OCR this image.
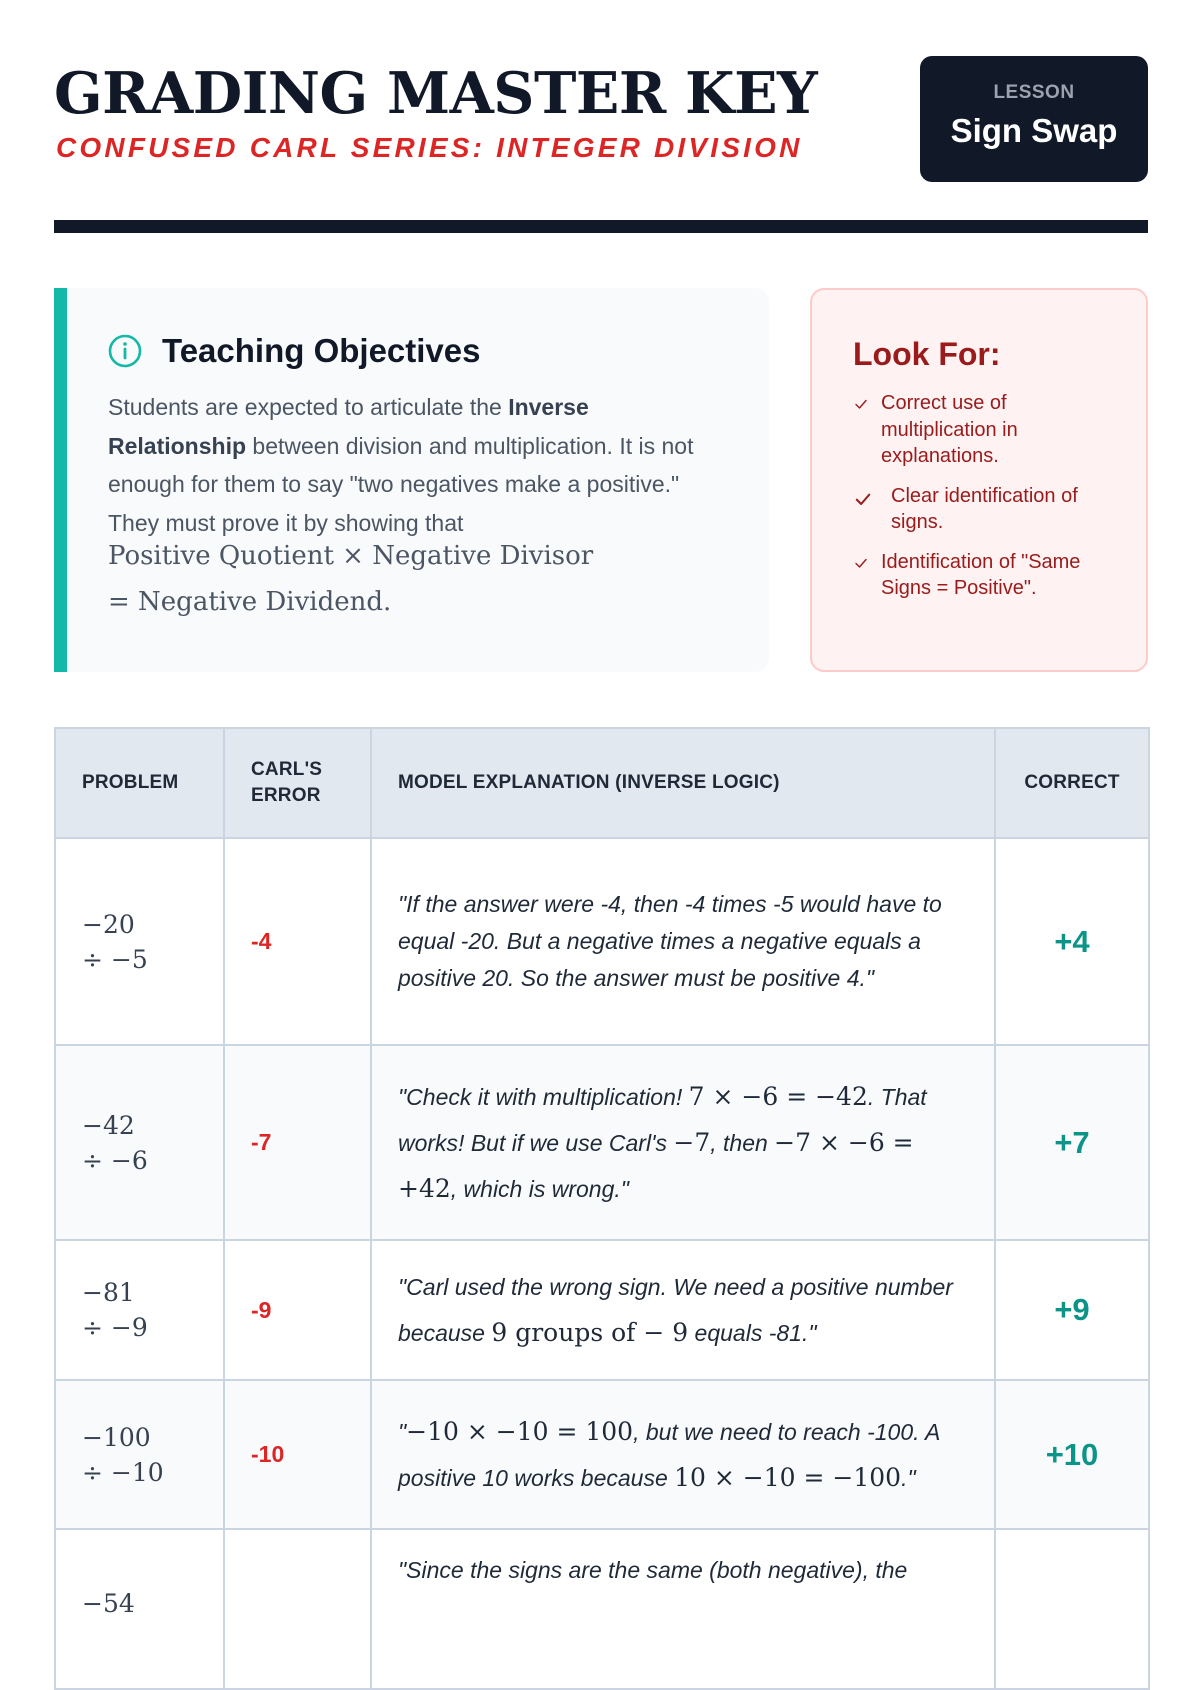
GRADING MASTER KEY

CONFUSED CARL SERIES: INTEGER DIVISION

LESSON
Sign Swap
Teaching Objectives
Students are expected to articulate the Inverse Relationship between division and multiplication. It is not enough for them to say "two negatives make a positive." They must prove it by showing that
Positive Quotient × Negative Divisor
= Negative Dividend.
Look For:
Correct use of multiplication in explanations.
Clear identification of signs.
Identification of "Same Signs = Positive".
PROBLEM	CARL'S ERROR	MODEL EXPLANATION (INVERSE LOGIC)	CORRECT

−20
÷ −5	-4	"If the answer were -4, then -4 times -5 would have to equal -20. But a negative times a negative equals a positive 20. So the answer must be positive 4."	+4

−42
÷ −6	-7	"Check it with multiplication! 7 × −6 = −42. That works! But if we use Carl's −7, then −7 × −6 = +42, which is wrong."	+7

−81
÷ −9	-9	"Carl used the wrong sign. We need a positive number because 9 groups of − 9 equals -81."	+9

−100
÷ −10	-10	"−10 × −10 = 100, but we need to reach -100. A positive 10 works because 10 × −10 = −100."	+10

−54		"Since the signs are the same (both negative), the	
